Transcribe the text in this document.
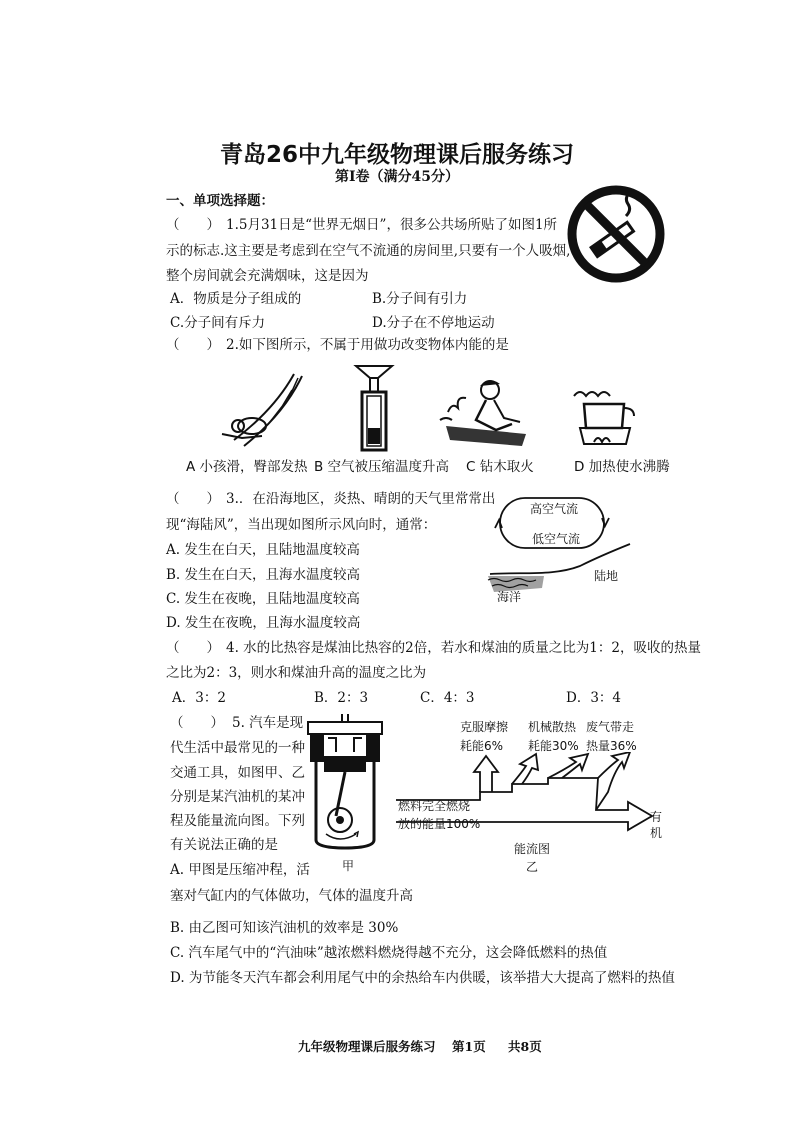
青岛26中九年级物理课后服务练习
第Ⅰ卷（满分45分）
一、单项选择题：
（　　） 1.5月31日是“世界无烟日”，很多公共场所贴了如图1所
示的标志.这主要是考虑到在空气不流通的房间里,只要有一个人吸烟,
整个房间就会充满烟味，这是因为
A．物质是分子组成的	B.分子间有引力
C.分子间有斥力	D.分子在不停地运动
（　　） 2.如下图所示，不属于用做功改变物体内能的是
A 小孩滑，臀部发热 B 空气被压缩温度升高 C 钻木取火	D 加热使水沸腾
（　　） 3.．在沿海地区，炎热、晴朗的天气里常常出
现“海陆风”，当出现如图所示风向时，通常：
A. 发生在白天，且陆地温度较高
B. 发生在白天，且海水温度较高
C. 发生在夜晚，且陆地温度较高
D. 发生在夜晚，且海水温度较高
高空气流
低空气流
陆地
海洋
（　　） 4. 水的比热容是煤油比热容的2倍，若水和煤油的质量之比为1：2，吸收的热量
之比为2：3，则水和煤油升高的温度之比为
A．3：2	B．2：3	C．4：3	D．3：4
（　　） 5. 汽车是现
代生活中最常见的一种
交通工具，如图甲、乙
分别是某汽油机的某冲
程及能量流向图。下列
有关说法正确的是
A. 甲图是压缩冲程，活	甲
克服摩擦
耗能6%
机械散热
耗能30%
废气带走
热量36%
燃料完全燃烧
放的能量100%	有
机
能流图
乙
塞对气缸内的气体做功，气体的温度升高
B. 由乙图可知该汽油机的效率是 30%
C. 汽车尾气中的“汽油味”越浓燃料燃烧得越不充分，这会降低燃料的热值
D. 为节能冬天汽车都会利用尾气中的余热给车内供暖，该举措大大提高了燃料的热值
九年级物理课后服务练习 第1页 共8页
